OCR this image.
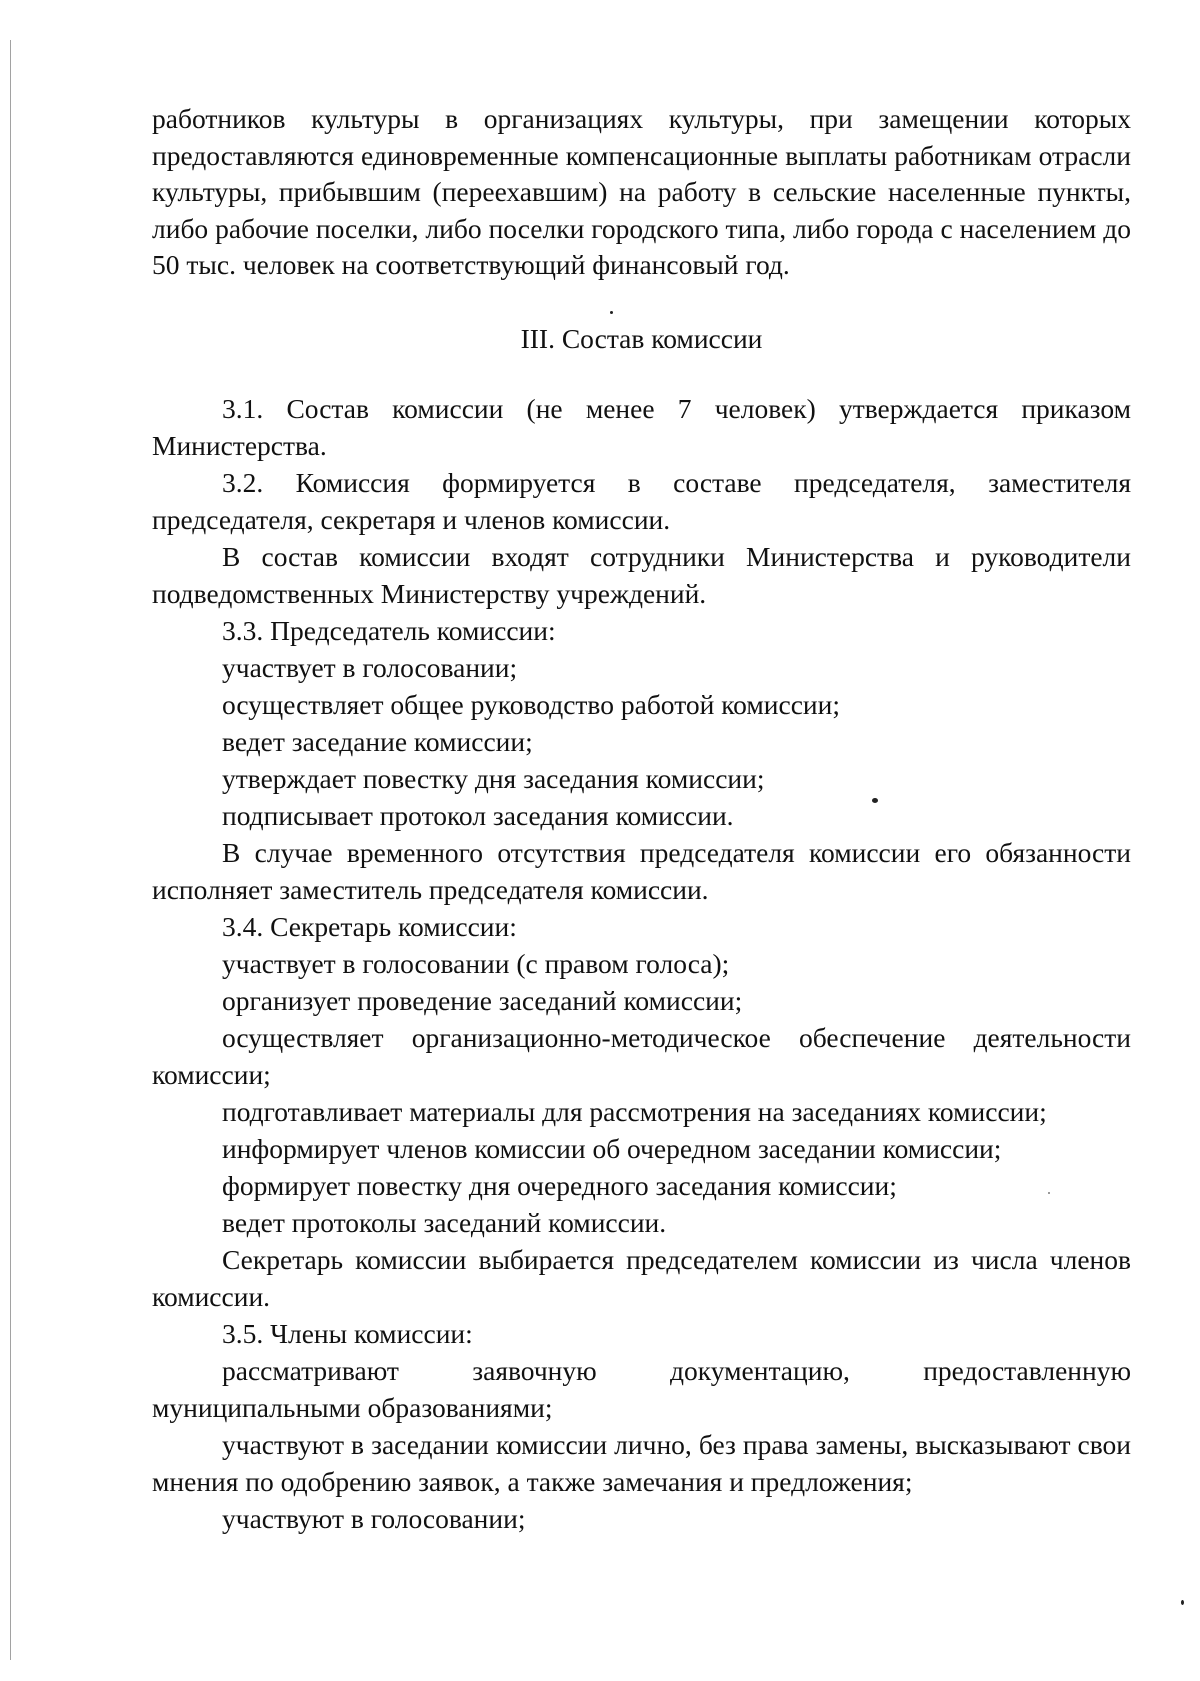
работников культуры в организациях культуры, при замещении которых
предоставляются единовременные компенсационные выплаты работникам отрасли
культуры, прибывшим (переехавшим) на работу в сельские населенные пункты,
либо рабочие поселки, либо поселки городского типа, либо города с населением до
50 тыс. человек на соответствующий финансовый год.
III. Состав комиссии
3.1. Состав комиссии (не менее 7 человек) утверждается приказом
Министерства.
3.2. Комиссия формируется в составе председателя, заместителя
председателя, секретаря и членов комиссии.
В состав комиссии входят сотрудники Министерства и руководители
подведомственных Министерству учреждений.
3.3. Председатель комиссии:
участвует в голосовании;
осуществляет общее руководство работой комиссии;
ведет заседание комиссии;
утверждает повестку дня заседания комиссии;
подписывает протокол заседания комиссии.
В случае временного отсутствия председателя комиссии его обязанности
исполняет заместитель председателя комиссии.
3.4. Секретарь комиссии:
участвует в голосовании (с правом голоса);
организует проведение заседаний комиссии;
осуществляет организационно-методическое обеспечение деятельности
комиссии;
подготавливает материалы для рассмотрения на заседаниях комиссии;
информирует членов комиссии об очередном заседании комиссии;
формирует повестку дня очередного заседания комиссии;
ведет протоколы заседаний комиссии.
Секретарь комиссии выбирается председателем комиссии из числа членов
комиссии.
3.5. Члены комиссии:
рассматривают заявочную документацию, предоставленную
муниципальными образованиями;
участвуют в заседании комиссии лично, без права замены, высказывают свои
мнения по одобрению заявок, а также замечания и предложения;
участвуют в голосовании;
